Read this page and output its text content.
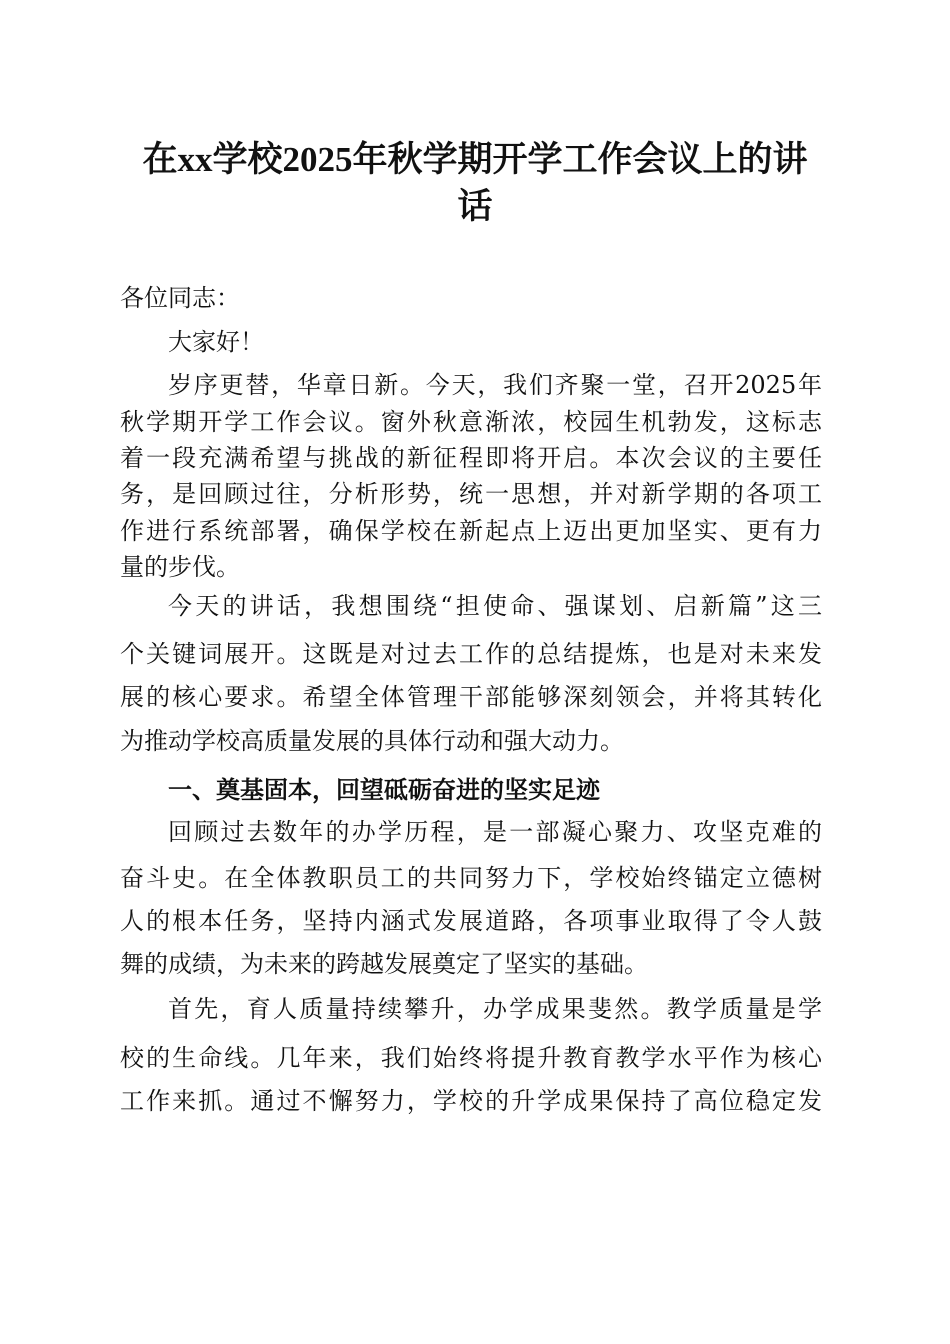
在xx学校2025年秋学期开学工作会议上的讲
话
各位同志：
大家好！
岁序更替，华章日新。今天，我们齐聚一堂，召开2025年
秋学期开学工作会议。窗外秋意渐浓，校园生机勃发，这标志
着一段充满希望与挑战的新征程即将开启。本次会议的主要任
务，是回顾过往，分析形势，统一思想，并对新学期的各项工
作进行系统部署，确保学校在新起点上迈出更加坚实、更有力
量的步伐。
今天的讲话，我想围绕“担使命、强谋划、启新篇”这三
个关键词展开。这既是对过去工作的总结提炼，也是对未来发
展的核心要求。希望全体管理干部能够深刻领会，并将其转化
为推动学校高质量发展的具体行动和强大动力。
一、奠基固本，回望砥砺奋进的坚实足迹
回顾过去数年的办学历程，是一部凝心聚力、攻坚克难的
奋斗史。在全体教职员工的共同努力下，学校始终锚定立德树
人的根本任务，坚持内涵式发展道路，各项事业取得了令人鼓
舞的成绩，为未来的跨越发展奠定了坚实的基础。
首先，育人质量持续攀升，办学成果斐然。教学质量是学
校的生命线。几年来，我们始终将提升教育教学水平作为核心
工作来抓。通过不懈努力，学校的升学成果保持了高位稳定发
